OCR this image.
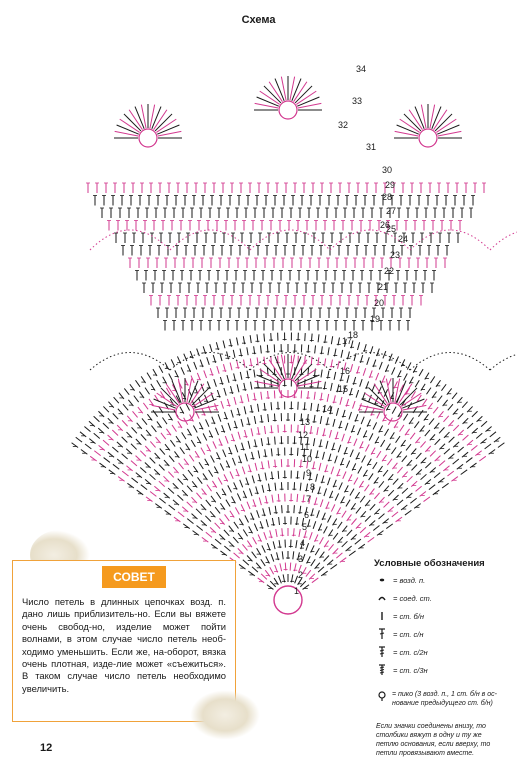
Схема
34
33
32
31
30
29
28
27
26
25
24
23
22
21
20
19
18
17
16
15
14
13
12
11
10
9
8
7
6
5
4
3
2
1
СОВЕТ
Число петель в длинных цепочках возд. п. дано лишь приблизитель-но. Если вы вяжете очень свобод-но, изделие может пойти волнами, в этом случае число петель необ-ходимо уменьшить. Если же, на-оборот, вязка очень плотная, изде-лие может «съежиться». В таком случае число петель необходимо увеличить.
Условные обозначения
= возд. п.
= соед. ст.
= ст. б/н
= ст. с/н
= ст. с/2н
= ст. с/3н
= пико (3 возд. п., 1 ст. б/н в ос-нование предыдущего ст. б/н)
Если значки соединены внизу, то столбики вяжут в одну и ту же петлю основания, если вверху, то петли провязывают вместе.
12
